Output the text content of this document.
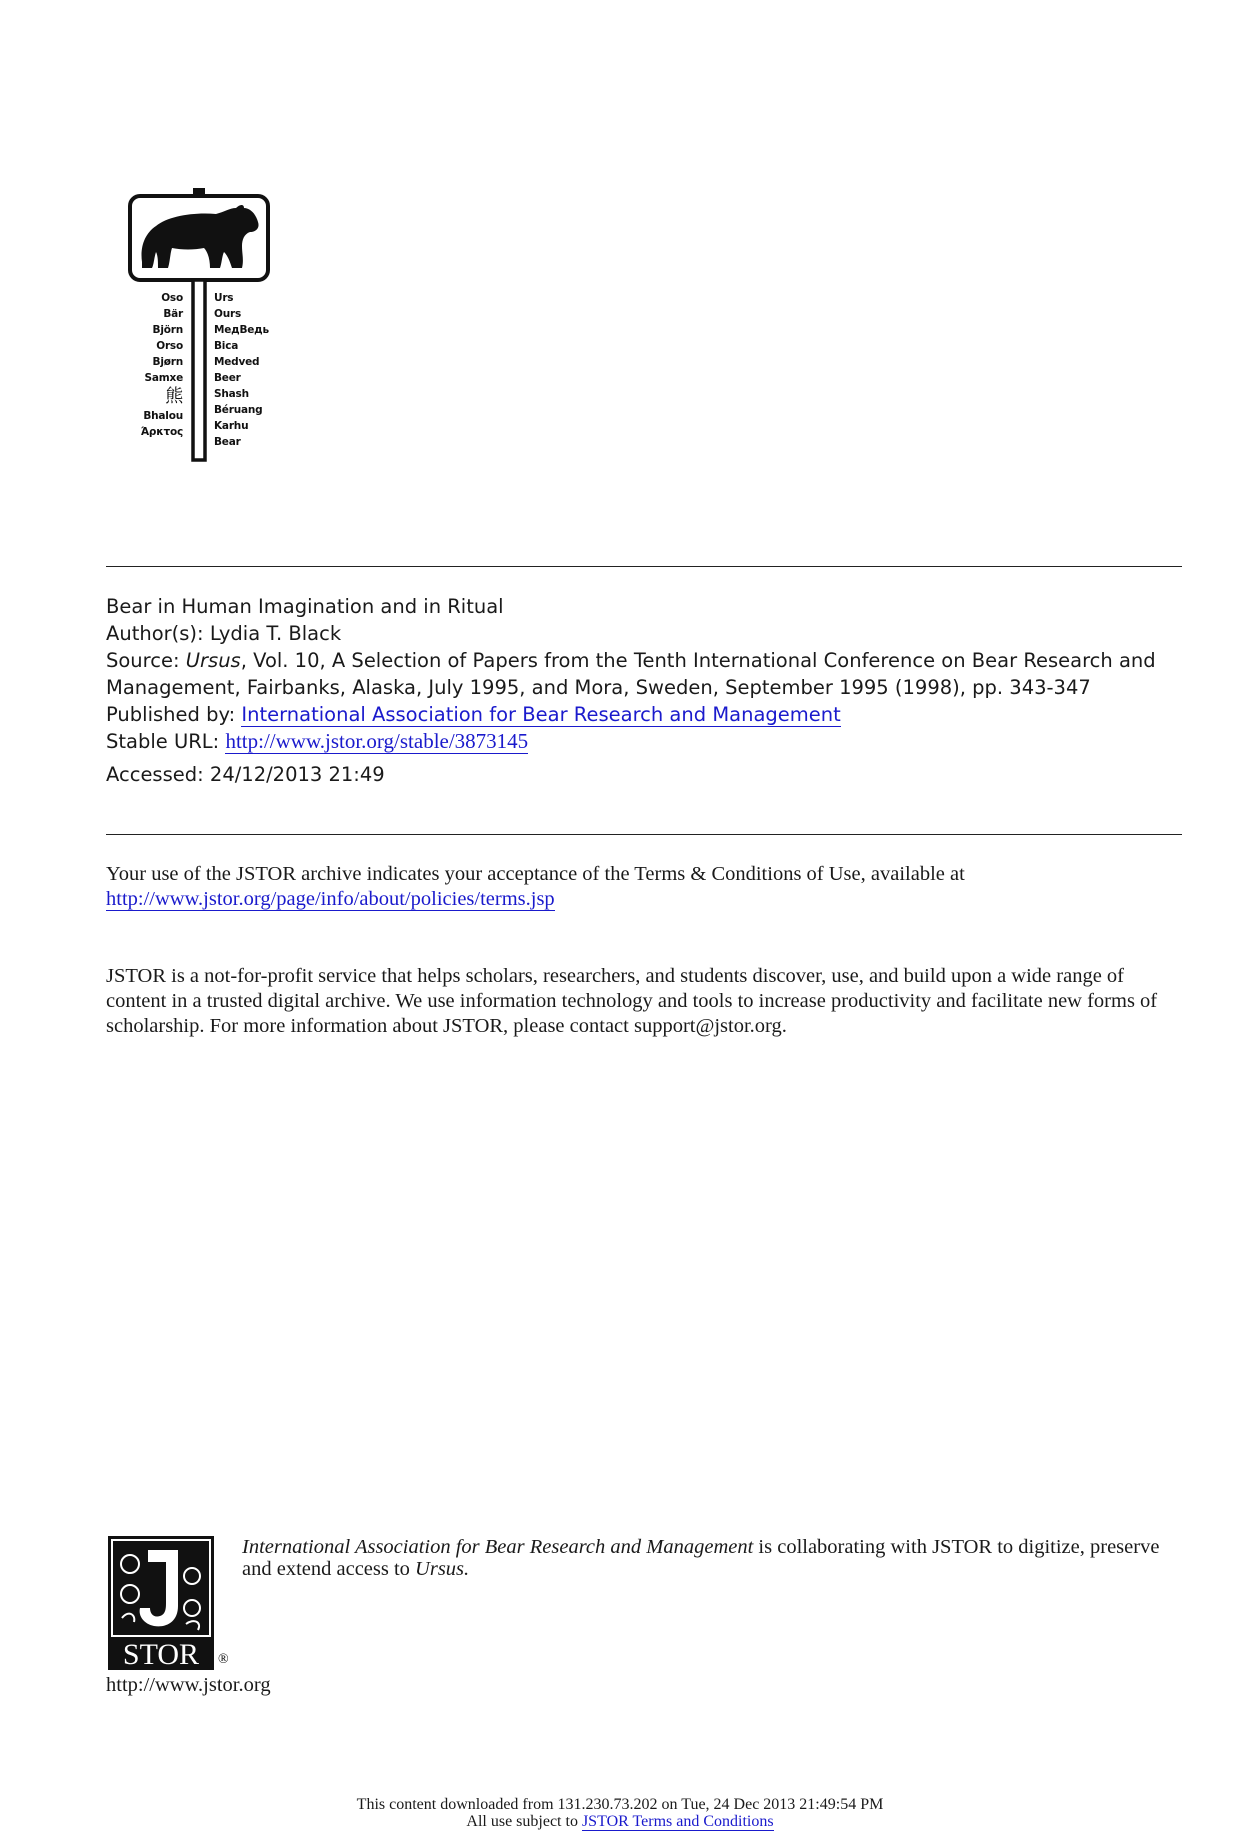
Oso
Bär
Björn
Orso
Bjørn
Samxe
熊
Bhalou
Άρκτος
Urs
Ours
МедВедь
Bica
Medved
Beer
Shash
Béruang
Karhu
Bear
Bear in Human Imagination and in Ritual
Author(s): Lydia T. Black
Source: Ursus, Vol. 10, A Selection of Papers from the Tenth International Conference on Bear Research and Management, Fairbanks, Alaska, July 1995, and Mora, Sweden, September 1995 (1998), pp. 343-347
Published by: International Association for Bear Research and Management
Stable URL: http://www.jstor.org/stable/3873145
Accessed: 24/12/2013 21:49
Your use of the JSTOR archive indicates your acceptance of the Terms & Conditions of Use, available at
http://www.jstor.org/page/info/about/policies/terms.jsp
JSTOR is a not-for-profit service that helps scholars, researchers, and students discover, use, and build upon a wide range of content in a trusted digital archive. We use information technology and tools to increase productivity and facilitate new forms of scholarship. For more information about JSTOR, please contact support@jstor.org.
STOR ®
http://www.jstor.org
International Association for Bear Research and Management is collaborating with JSTOR to digitize, preserve and extend access to Ursus.
This content downloaded from 131.230.73.202 on Tue, 24 Dec 2013 21:49:54 PM
All use subject to JSTOR Terms and Conditions
